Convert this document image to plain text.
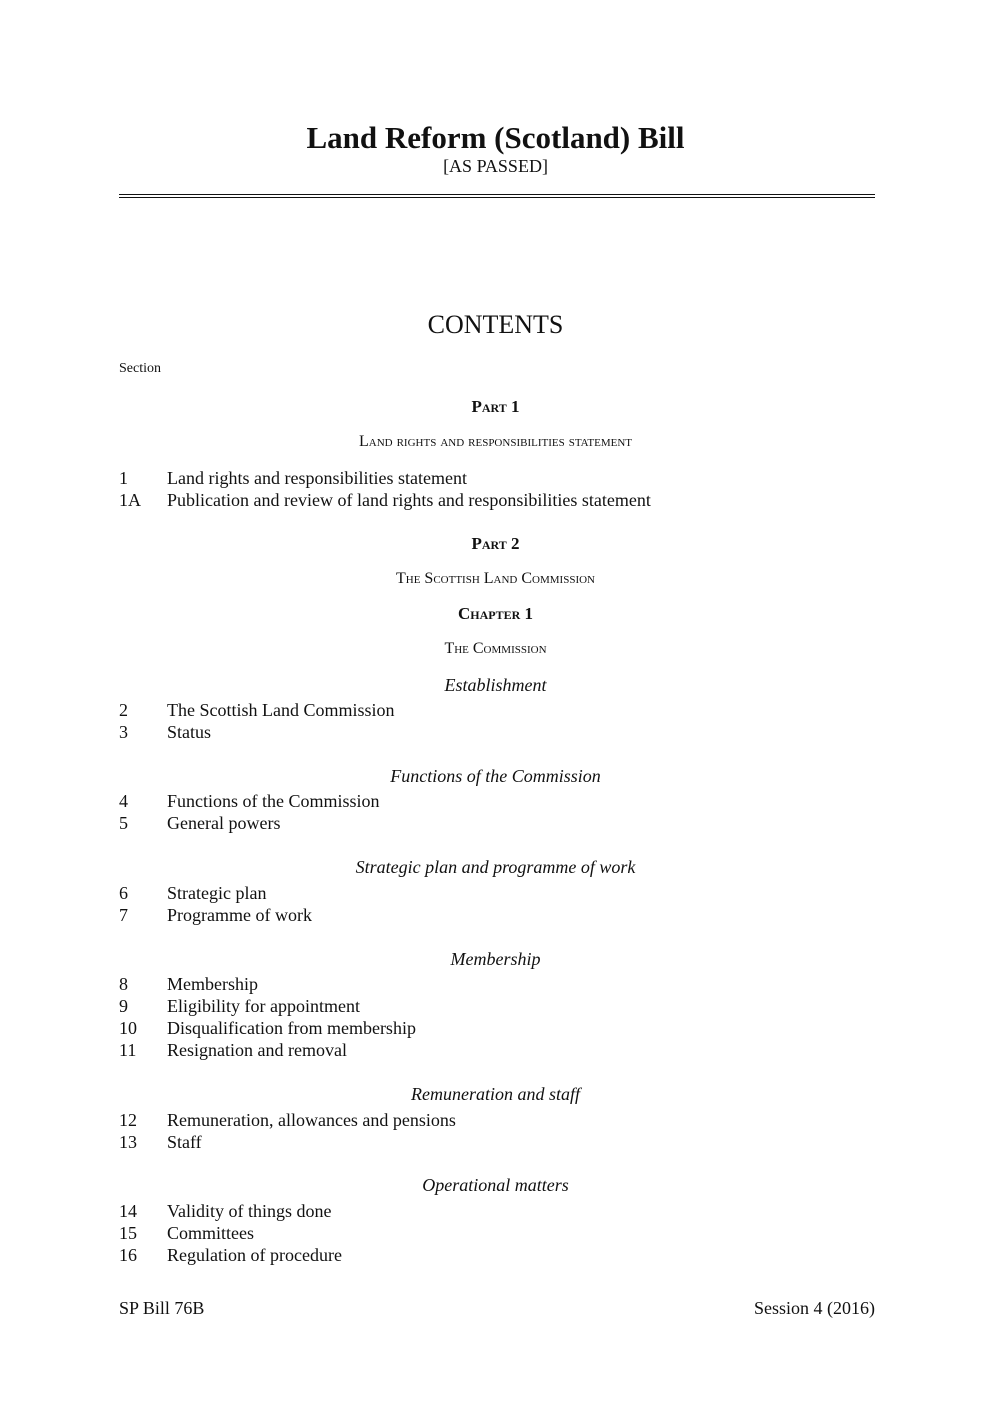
Land Reform (Scotland) Bill
[AS PASSED]
CONTENTS
Section
Part 1
Land rights and responsibilities statement
1 Land rights and responsibilities statement
1A Publication and review of land rights and responsibilities statement
Part 2
The Scottish Land Commission
Chapter 1
The Commission
Establishment
2 The Scottish Land Commission
3 Status
Functions of the Commission
4 Functions of the Commission
5 General powers
Strategic plan and programme of work
6 Strategic plan
7 Programme of work
Membership
8 Membership
9 Eligibility for appointment
10 Disqualification from membership
11 Resignation and removal
Remuneration and staff
12 Remuneration, allowances and pensions
13 Staff
Operational matters
14 Validity of things done
15 Committees
16 Regulation of procedure
SP Bill 76B	Session 4 (2016)
